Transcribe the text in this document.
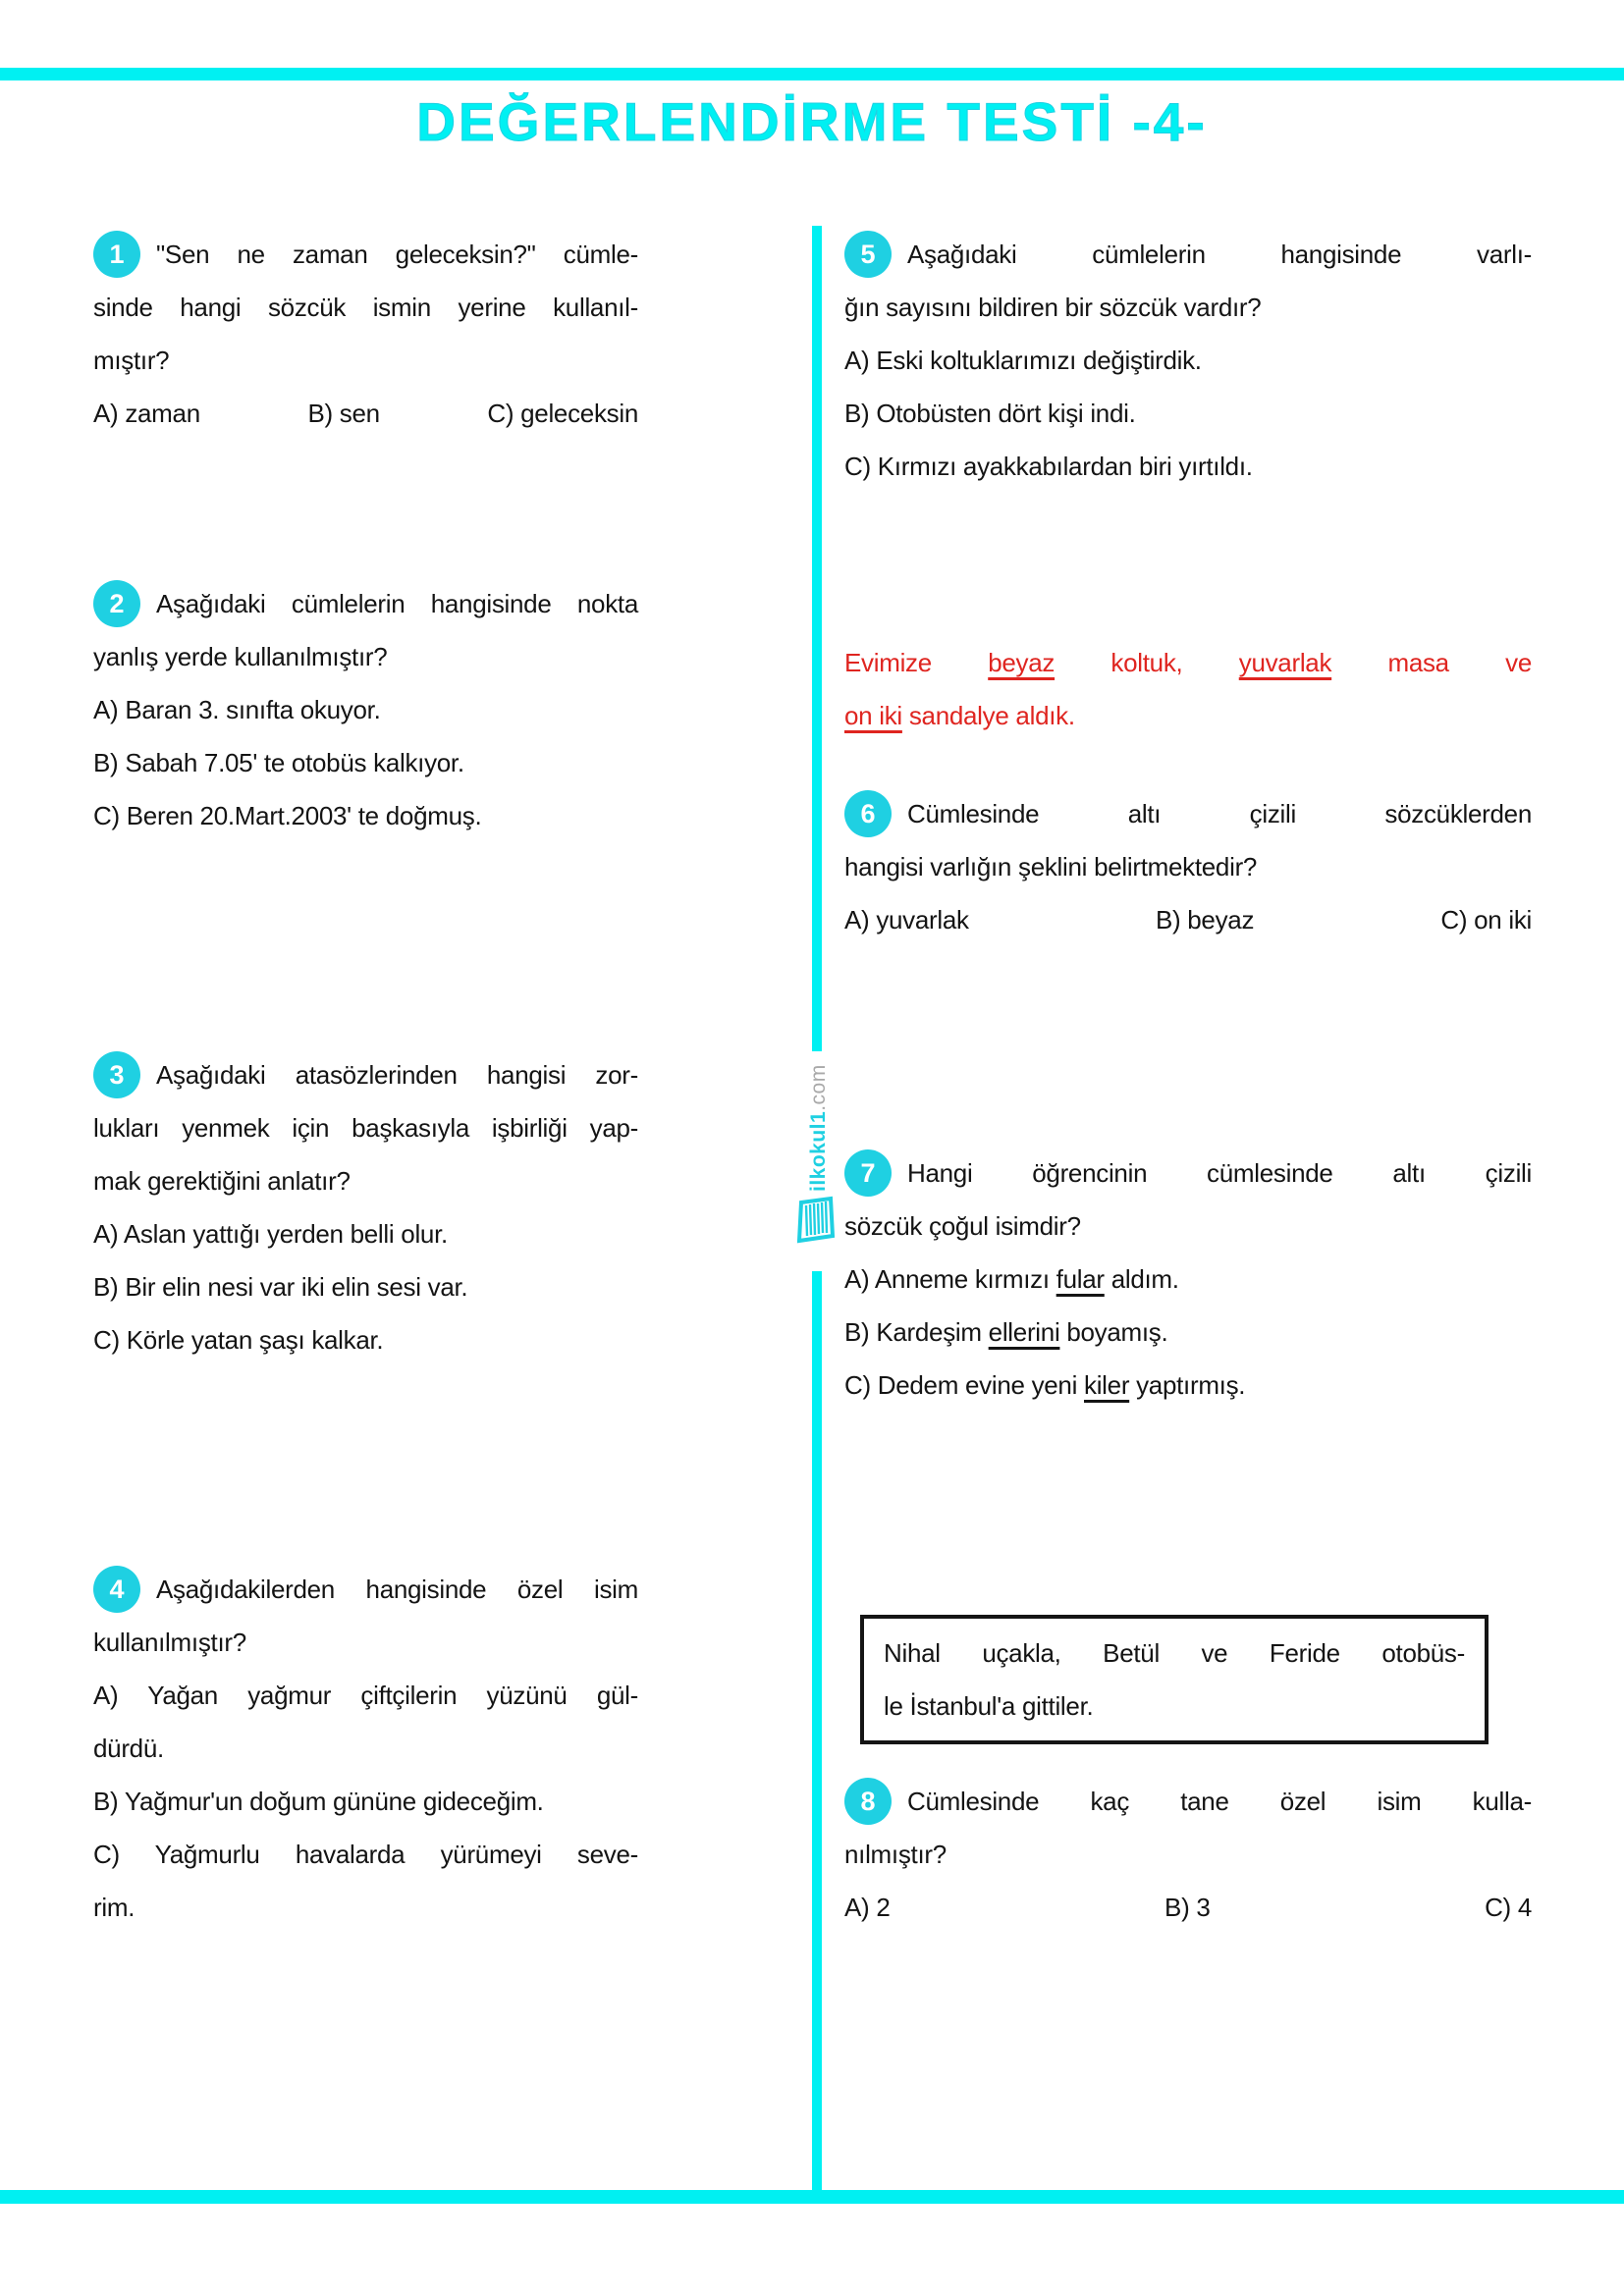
DEĞERLENDİRME TESTİ -4-
ilkokul1.com
1	"Sen ne zaman geleceksin?" cümle-
sinde hangi sözcük ismin yerine kullanıl-
mıştır?
A) zaman	B) sen	C) geleceksin
2	Aşağıdaki cümlelerin hangisinde nokta
yanlış yerde kullanılmıştır?
A) Baran 3. sınıfta okuyor.
B) Sabah 7.05' te otobüs kalkıyor.
C) Beren 20.Mart.2003' te doğmuş.
3	Aşağıdaki atasözlerinden hangisi zor-
lukları yenmek için başkasıyla işbirliği yap-
mak gerektiğini anlatır?
A) Aslan yattığı yerden belli olur.
B) Bir elin nesi var iki elin sesi var.
C) Körle yatan şaşı kalkar.
4	Aşağıdakilerden hangisinde özel isim
kullanılmıştır?
A) Yağan yağmur çiftçilerin yüzünü gül-
dürdü.
B) Yağmur'un doğum gününe gideceğim.
C) Yağmurlu havalarda yürümeyi seve-
rim.
5	Aşağıdaki cümlelerin hangisinde varlı-
ğın sayısını bildiren bir sözcük vardır?
A) Eski koltuklarımızı değiştirdik.
B) Otobüsten dört kişi indi.
C) Kırmızı ayakkabılardan biri yırtıldı.
Evimize beyaz koltuk, yuvarlak masa ve
on iki sandalye aldık.
6	Cümlesinde altı çizili sözcüklerden
hangisi varlığın şeklini belirtmektedir?
A) yuvarlak	B) beyaz	C) on iki
7	Hangi öğrencinin cümlesinde altı çizili
sözcük çoğul isimdir?
A) Anneme kırmızı fular aldım.
B) Kardeşim ellerini boyamış.
C) Dedem evine yeni kiler yaptırmış.
Nihal uçakla, Betül ve Feride otobüs-
le İstanbul'a gittiler.
8	Cümlesinde kaç tane özel isim kulla-
nılmıştır?
A) 2	B) 3	C) 4
